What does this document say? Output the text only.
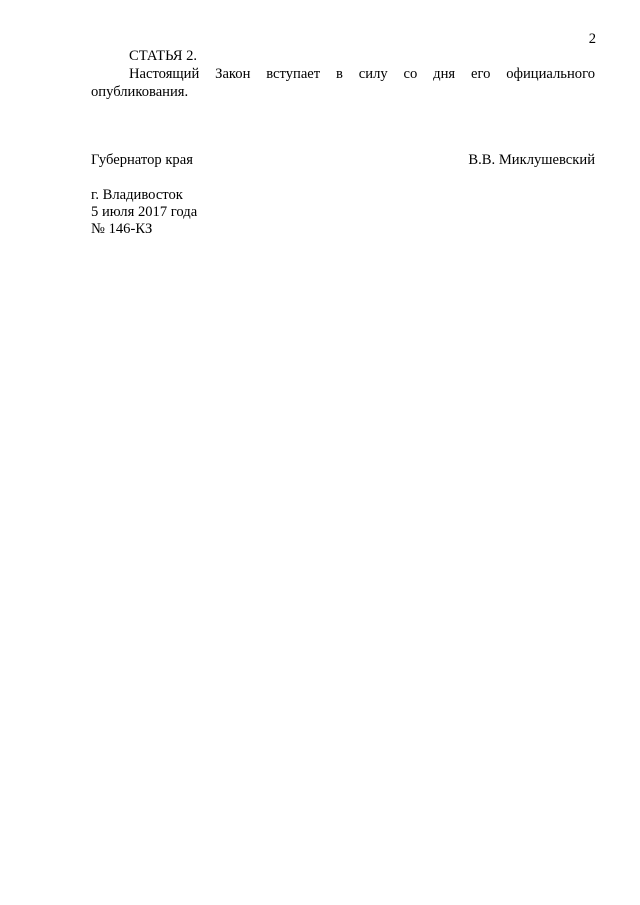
2

СТАТЬЯ 2.

Настоящий Закон вступает в силу со дня его официального опубликования.

Губернатор края	В.В. Миклушевский
г. Владивосток
5 июля 2017 года
№ 146-КЗ
